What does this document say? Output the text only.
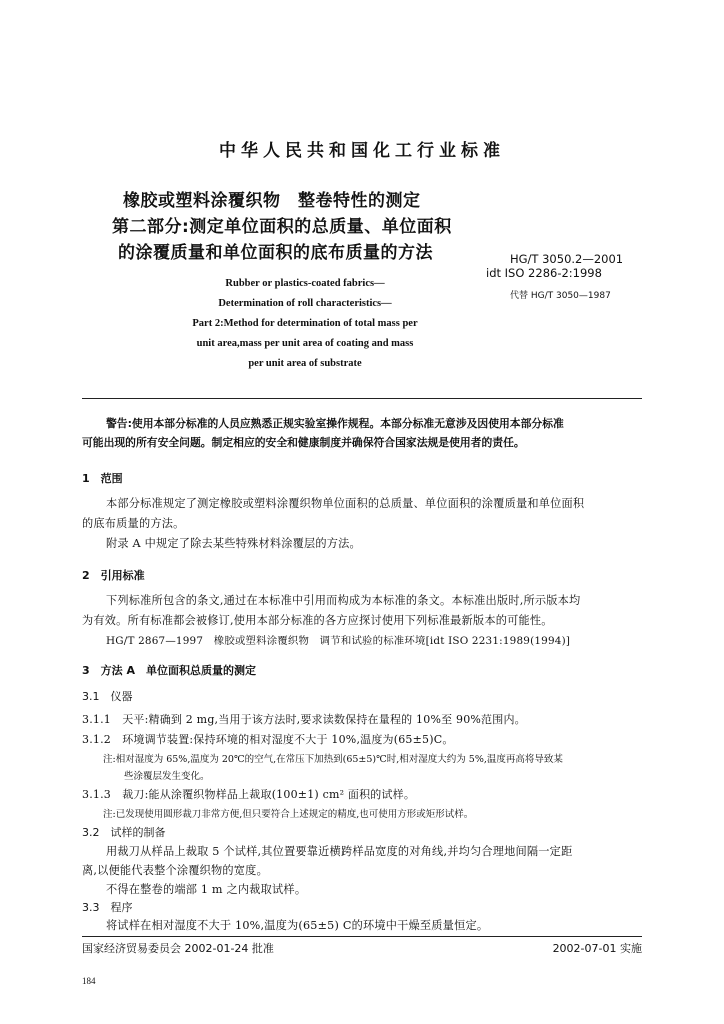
中华人民共和国化工行业标准
橡胶或塑料涂覆织物　整卷特性的测定
第二部分:测定单位面积的总质量、单位面积
的涂覆质量和单位面积的底布质量的方法	HG/T 3050.2—2001
idt ISO 2286-2:1998
代替 HG/T 3050—1987
Rubber or plastics-coated fabrics—
Determination of roll characteristics—
Part 2:Method for determination of total mass per
unit area,mass per unit area of coating and mass
per unit area of substrate
警告:使用本部分标准的人员应熟悉正规实验室操作规程。本部分标准无意涉及因使用本部分标准
可能出现的所有安全问题。制定相应的安全和健康制度并确保符合国家法规是使用者的责任。
1　范围
本部分标准规定了测定橡胶或塑料涂覆织物单位面积的总质量、单位面积的涂覆质量和单位面积
的底布质量的方法。
附录 A 中规定了除去某些特殊材料涂覆层的方法。
2　引用标准
下列标准所包含的条文,通过在本标准中引用而构成为本标准的条文。本标准出版时,所示版本均
为有效。所有标准都会被修订,使用本部分标准的各方应探讨使用下列标准最新版本的可能性。
HG/T 2867—1997　橡胶或塑料涂覆织物　调节和试验的标准环境[idt ISO 2231:1989(1994)]
3　方法 A　单位面积总质量的测定
3.1　仪器
3.1.1　天平:精确到 2 mg,当用于该方法时,要求读数保持在量程的 10%至 90%范围内。
3.1.2　环境调节装置:保持环境的相对湿度不大于 10%,温度为(65±5)C。
注:相对湿度为 65%,温度为 20℃的空气,在常压下加热到(65±5)℃时,相对湿度大约为 5%,温度再高将导致某
些涂覆层发生变化。
3.1.3　裁刀:能从涂覆织物样品上裁取(100±1) cm² 面积的试样。
注:已发现使用圆形裁刀非常方便,但只要符合上述规定的精度,也可使用方形或矩形试样。
3.2　试样的制备
用裁刀从样品上裁取 5 个试样,其位置要靠近横跨样品宽度的对角线,并均匀合理地间隔一定距
离,以便能代表整个涂覆织物的宽度。
不得在整卷的端部 1 m 之内裁取试样。
3.3　程序
将试样在相对湿度不大于 10%,温度为(65±5) C的环境中干燥至质量恒定。
国家经济贸易委员会 2002-01-24 批准	2002-07-01 实施
184
